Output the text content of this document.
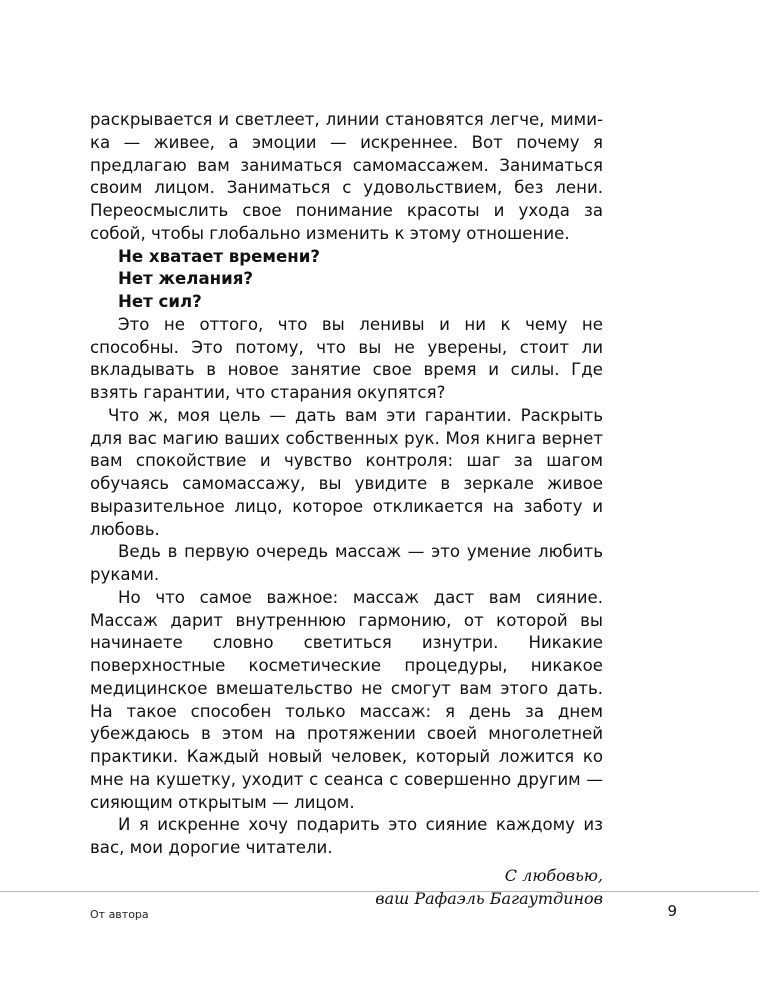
раскрывается и светлеет, линии становятся легче, мимика — живее, а эмоции — искреннее. Вот почему я предлагаю вам заниматься самомассажем. Заниматься своим лицом. Заниматься с удовольствием, без лени. Переосмыслить свое понимание красоты и ухода за собой, чтобы глобально изменить к этому отношение.

Не хватает времени?

Нет желания?

Нет сил?

Это не оттого, что вы ленивы и ни к чему не способны. Это потому, что вы не уверены, стоит ли вкладывать в новое занятие свое время и силы. Где взять гарантии, что старания окупятся?

Что ж, моя цель — дать вам эти гарантии. Раскрыть для вас магию ваших собственных рук. Моя книга вернет вам спокойствие и чувство контроля: шаг за шагом обучаясь самомассажу, вы увидите в зеркале живое выразительное лицо, которое откликается на заботу и любовь.

Ведь в первую очередь массаж — это умение любить руками.

Но что самое важное: массаж даст вам сияние. Массаж дарит внутреннюю гармонию, от которой вы начинаете словно светиться изнутри. Никакие поверхностные космeтические процедуры, никакое медицинское вмешательство не смогут вам этого дать. На такое способен только массаж: я день за днем убеждаюсь в этом на протяжении своей многолетней практики. Каждый новый человек, который ложится ко мне на кушетку, уходит с сеанса с совершенно другим — сияющим открытым — лицом.

И я искренне хочу подарить это сияние каждому из вас, мои дорогие читатели.

С любовью,

ваш Рафаэль Багаутдинов

От автора	9
